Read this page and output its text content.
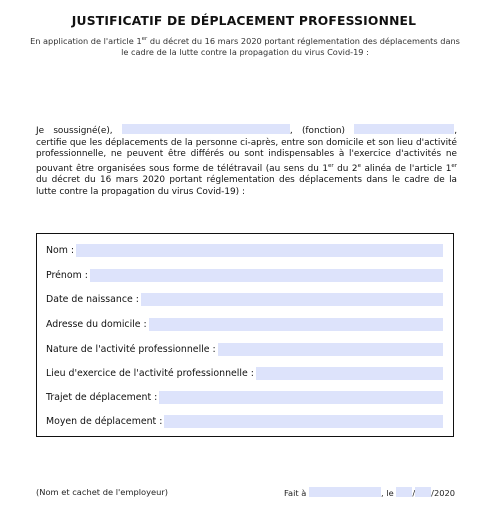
JUSTIFICATIF DE DÉPLACEMENT PROFESSIONNEL
En application de l'article 1er du décret du 16 mars 2020 portant réglementation des déplacements dans le cadre de la lutte contre la propagation du virus Covid-19 :
Je soussigné(e),	, (fonction)	, certifie que les déplacements de la personne ci-après, entre son domicile et son lieu d'activité professionnelle, ne peuvent être différés ou sont indispensables à l'exercice d'activités ne pouvant être organisées sous forme de télétravail (au sens du 1er du 2e alinéa de l'article 1er du décret du 16 mars 2020 portant réglementation des déplacements dans le cadre de la lutte contre la propagation du virus Covid-19) :
Nom :
Prénom :
Date de naissance :
Adresse du domicile :
Nature de l'activité professionnelle :
Lieu d'exercice de l'activité professionnelle :
Trajet de déplacement :
Moyen de déplacement :
(Nom et cachet de l'employeur)	Fait à	, le / /2020
